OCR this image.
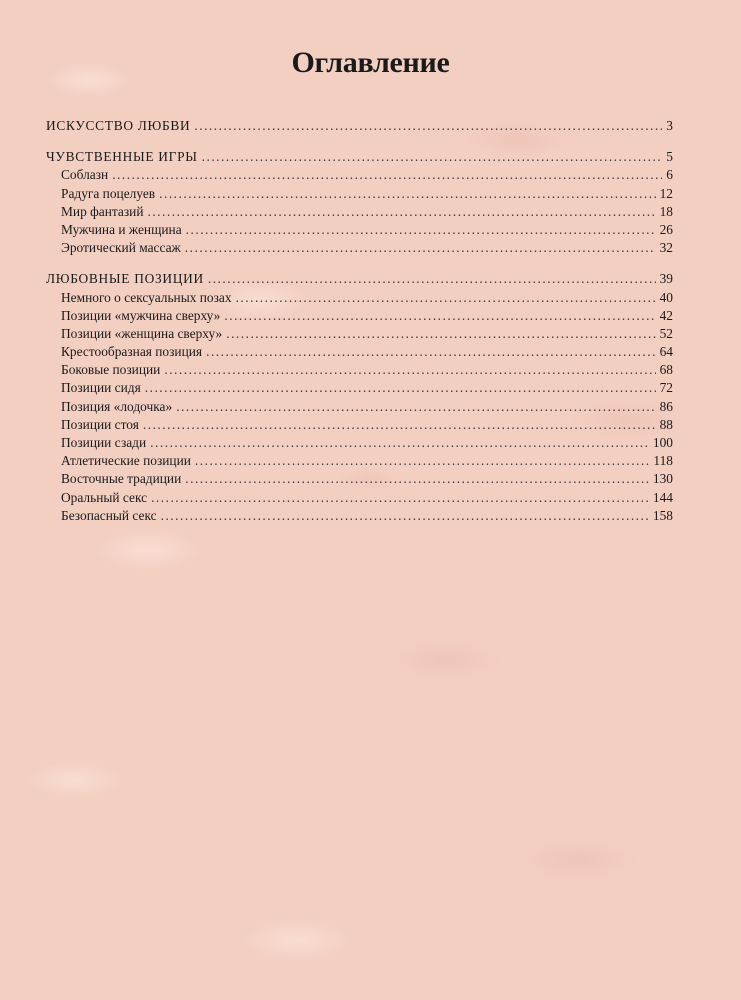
Оглавление
ИСКУССТВО ЛЮБВИ .....	3
ЧУВСТВЕННЫЕ ИГРЫ .....	5
Соблазн .....	6
Радуга поцелуев .....	12
Мир фантазий .....	18
Мужчина и женщина .....	26
Эротический массаж .....	32
ЛЮБОВНЫЕ ПОЗИЦИИ .....	39
Немного о сексуальных позах .....	40
Позиции «мужчина сверху» .....	42
Позиции «женщина сверху» .....	52
Крестообразная позиция .....	64
Боковые позиции .....	68
Позиции сидя .....	72
Позиция «лодочка» .....	86
Позиции стоя .....	88
Позиции сзади .....	100
Атлетические позиции .....	118
Восточные традиции .....	130
Оральный секс .....	144
Безопасный секс .....	158
